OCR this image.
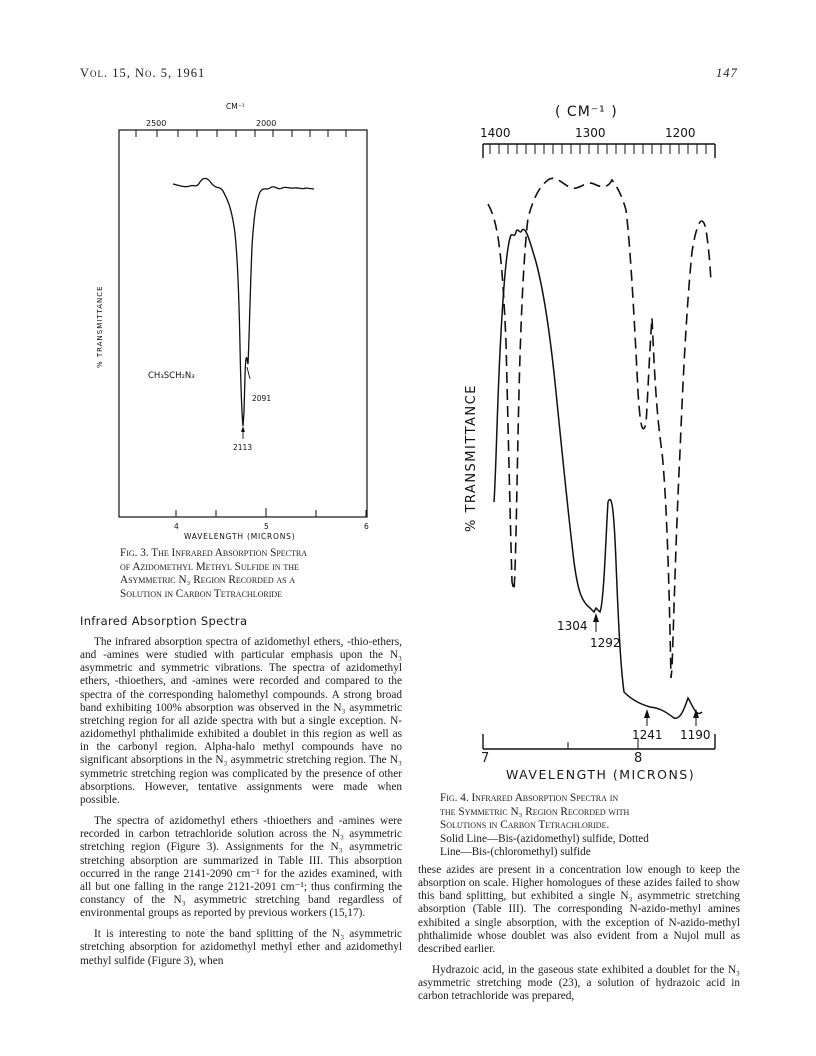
Vol. 15, No. 5, 1961	147
CM⁻¹
2500	2000
CH₃SCH₂N₃
2091
2113
% TRANSMITTANCE
4	5	6
WAVELENGTH (MICRONS)
Fig. 3. The Infrared Absorption Spectra
of Azidomethyl Methyl Sulfide in the
Asymmetric N₃ Region Recorded as a
Solution in Carbon Tetrachloride
Infrared Absorption Spectra

The infrared absorption spectra of azidomethyl ethers, -thio-ethers, and -amines were studied with particular emphasis upon the N₃ asymmetric and symmetric vibrations. The spectra of azidomethyl ethers, -thioethers, and -amines were recorded and compared to the spectra of the corresponding halomethyl compounds. A strong broad band exhibiting 100% absorption was observed in the N₃ asymmetric stretching region for all azide spectra with but a single exception. N-azidomethyl phthalimide exhibited a doublet in this region as well as in the carbonyl region. Alpha-halo methyl compounds have no significant absorptions in the N₃ asymmetric stretching region. The N₃ symmetric stretching region was complicated by the presence of other absorptions. However, tentative assignments were made when possible.

The spectra of azidomethyl ethers -thioethers and -amines were recorded in carbon tetrachloride solution across the N₃ asymmetric stretching region (Figure 3). Assignments for the N₃ asymmetric stretching absorption are summarized in Table III. This absorption occurred in the range 2141-2090 cm⁻¹ for the azides examined, with all but one falling in the range 2121-2091 cm⁻¹; thus confirming the constancy of the N₃ asymmetric stretching band regardless of environmental groups as reported by previous workers (15,17).

It is interesting to note the band splitting of the N₃ asymmetric stretching absorption for azidomethyl methyl ether and azidomethyl methyl sulfide (Figure 3), when

( CM⁻¹ )
1400	1300	1200
1304
1292
1241 1190
% TRANSMITTANCE
7	8
WAVELENGTH (MICRONS)
Fig. 4. Infrared Absorption Spectra in
the Symmetric N₃ Region Recorded with
Solutions in Carbon Tetrachloride.
Solid Line—Bis-(azidomethyl) sulfide, Dotted
Line—Bis-(chloromethyl) sulfide

these azides are present in a concentration low enough to keep the absorption on scale. Higher homologues of these azides failed to show this band splitting, but exhibited a single N₃ asymmetric stretching absorption (Table III). The corresponding N-azido-methyl amines exhibited a single absorption, with the exception of N-azido-methyl phthalimide whose doublet was also evident from a Nujol mull as described earlier.

Hydrazoic acid, in the gaseous state exhibited a doublet for the N₃ asymmetric stretching mode (23), a solution of hydrazoic acid in carbon tetrachloride was prepared,
